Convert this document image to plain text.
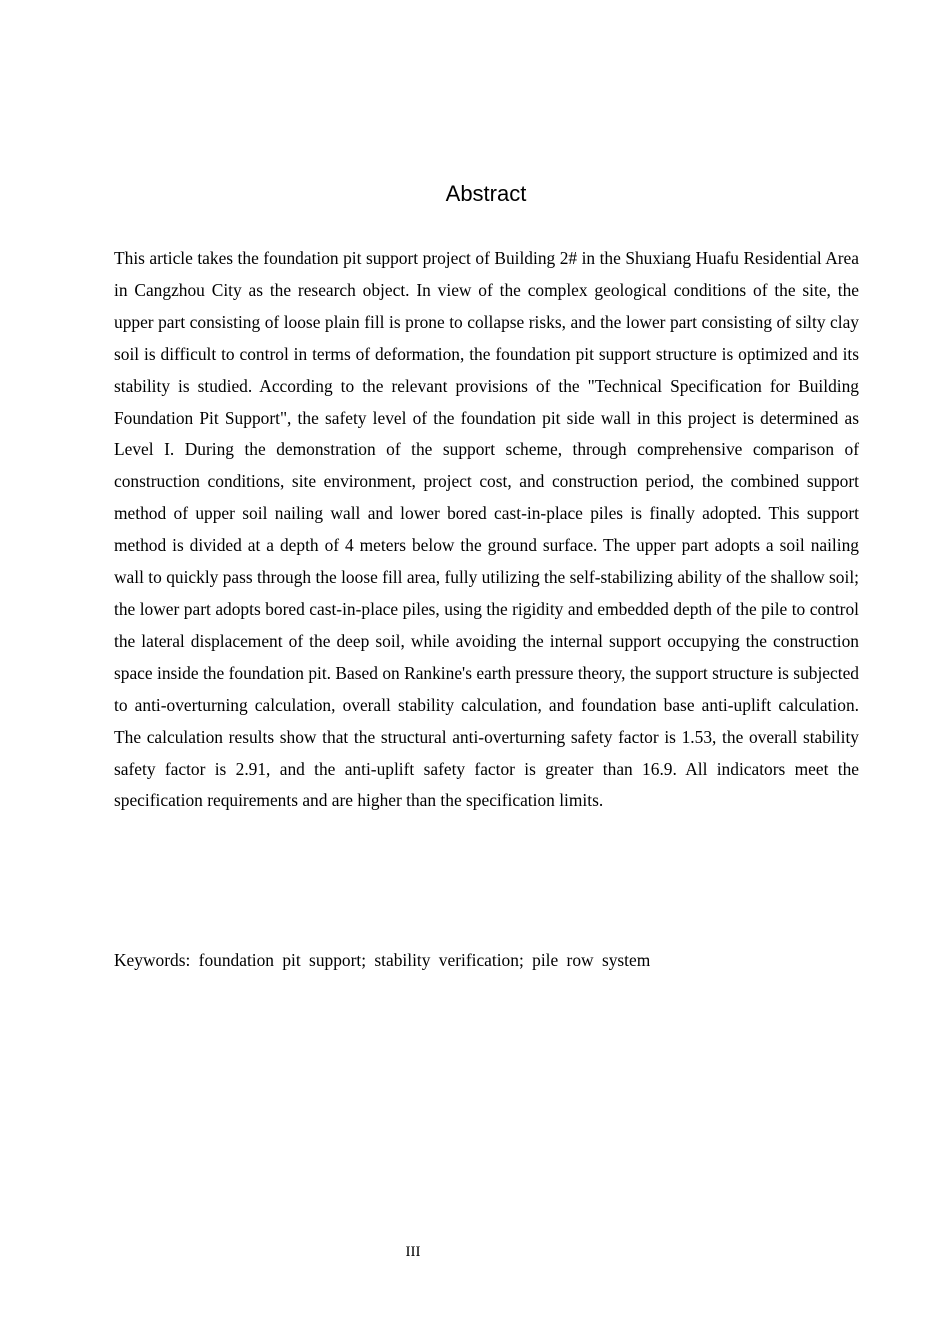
Abstract

This article takes the foundation pit support project of Building 2# in the Shuxiang Huafu Residential Area in Cangzhou City as the research object. In view of the complex geological conditions of the site, the upper part consisting of loose plain fill is prone to collapse risks, and the lower part consisting of silty clay soil is difficult to control in terms of deformation, the foundation pit support structure is optimized and its stability is studied. According to the relevant provisions of the "Technical Specification for Building Foundation Pit Support", the safety level of the foundation pit side wall in this project is determined as Level I. During the demonstration of the support scheme, through comprehensive comparison of construction conditions, site environment, project cost, and construction period, the combined support method of upper soil nailing wall and lower bored cast-in-place piles is finally adopted. This support method is divided at a depth of 4 meters below the ground surface. The upper part adopts a soil nailing wall to quickly pass through the loose fill area, fully utilizing the self-stabilizing ability of the shallow soil; the lower part adopts bored cast-in-place piles, using the rigidity and embedded depth of the pile to control the lateral displacement of the deep soil, while avoiding the internal support occupying the construction space inside the foundation pit. Based on Rankine's earth pressure theory, the support structure is subjected to anti-overturning calculation, overall stability calculation, and foundation base anti-uplift calculation. The calculation results show that the structural anti-overturning safety factor is 1.53, the overall stability safety factor is 2.91, and the anti-uplift safety factor is greater than 16.9. All indicators meet the specification requirements and are higher than the specification limits.

Keywords: foundation pit support; stability verification; pile row system

III
